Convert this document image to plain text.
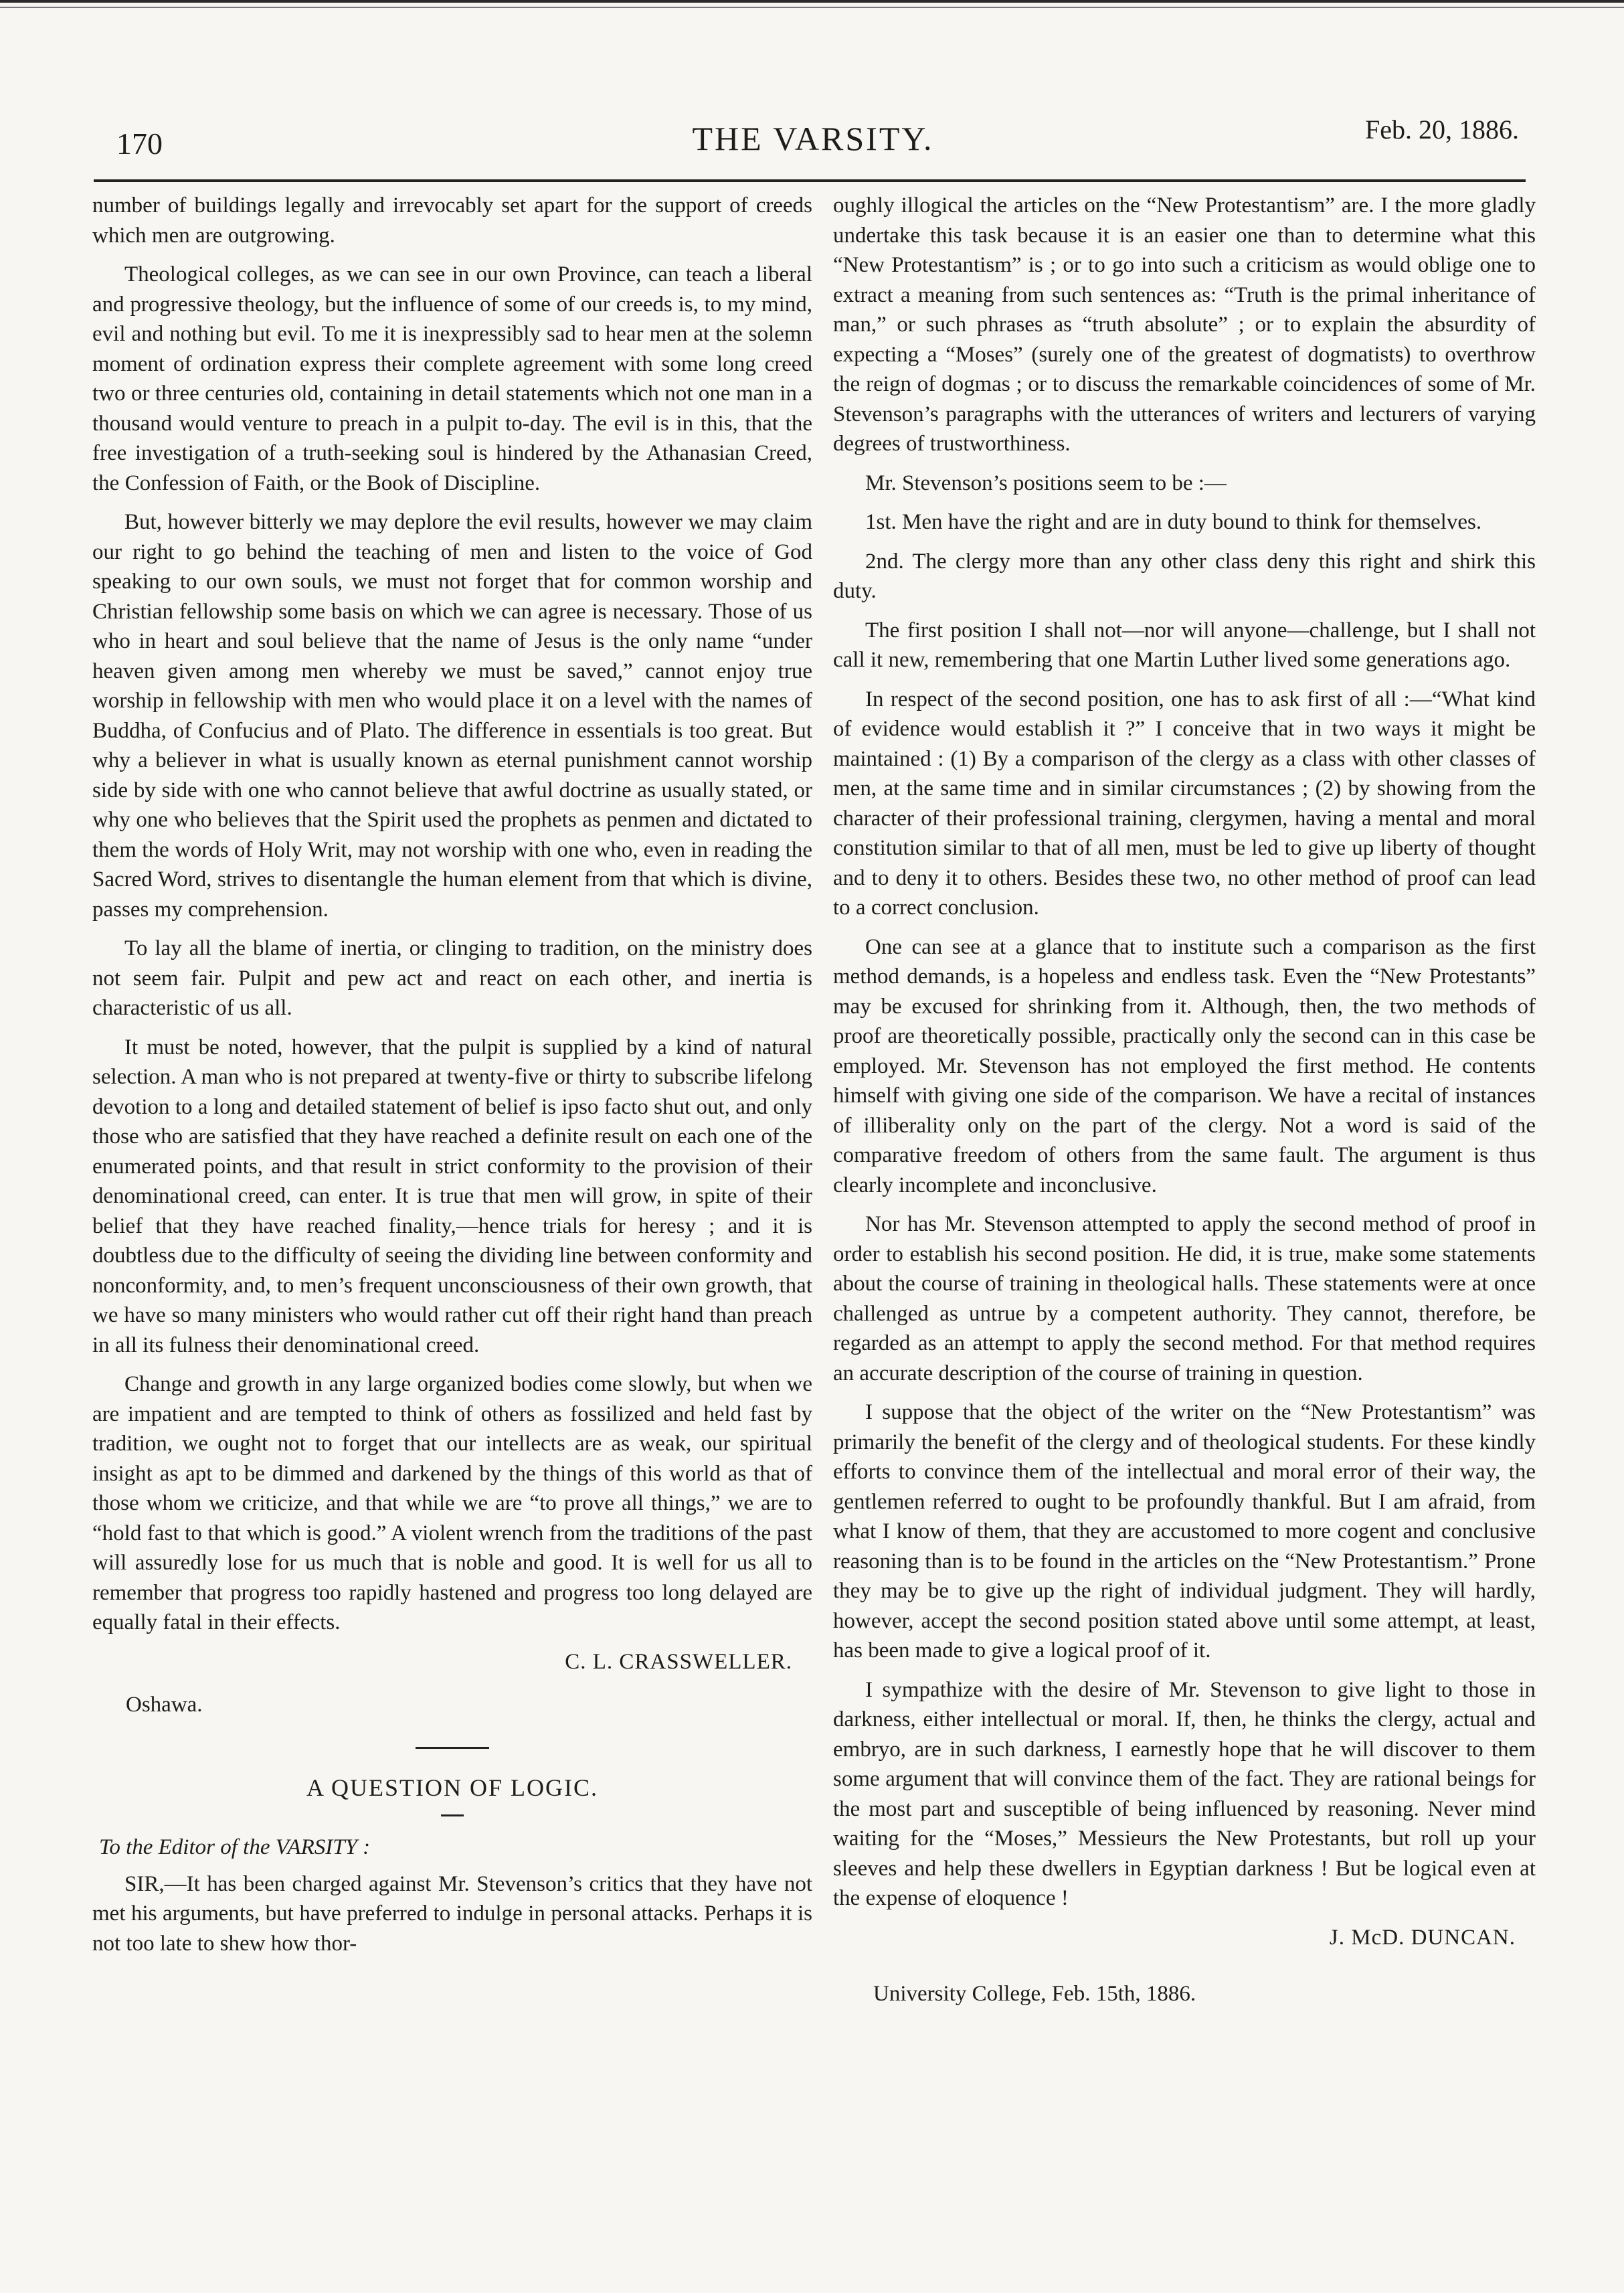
170	THE VARSITY.	Feb. 20, 1886.

number of buildings legally and irrevocably set apart for the support of creeds which men are outgrowing.

Theological colleges, as we can see in our own Province, can teach a liberal and progressive theology, but the influence of some of our creeds is, to my mind, evil and nothing but evil. To me it is inexpressibly sad to hear men at the solemn moment of ordination express their complete agreement with some long creed two or three centuries old, containing in detail statements which not one man in a thousand would venture to preach in a pulpit to-day. The evil is in this, that the free investigation of a truth-seeking soul is hindered by the Athanasian Creed, the Confession of Faith, or the Book of Discipline.

But, however bitterly we may deplore the evil results, however we may claim our right to go behind the teaching of men and listen to the voice of God speaking to our own souls, we must not forget that for common worship and Christian fellowship some basis on which we can agree is necessary. Those of us who in heart and soul believe that the name of Jesus is the only name “under heaven given among men whereby we must be saved,” cannot enjoy true worship in fellowship with men who would place it on a level with the names of Buddha, of Confucius and of Plato. The difference in essentials is too great. But why a believer in what is usually known as eternal punishment cannot worship side by side with one who cannot believe that awful doctrine as usually stated, or why one who believes that the Spirit used the prophets as penmen and dictated to them the words of Holy Writ, may not worship with one who, even in reading the Sacred Word, strives to disentangle the human element from that which is divine, passes my comprehension.

To lay all the blame of inertia, or clinging to tradition, on the ministry does not seem fair. Pulpit and pew act and react on each other, and inertia is characteristic of us all.

It must be noted, however, that the pulpit is supplied by a kind of natural selection. A man who is not prepared at twenty-five or thirty to subscribe lifelong devotion to a long and detailed statement of belief is ipso facto shut out, and only those who are satisfied that they have reached a definite result on each one of the enumerated points, and that result in strict conformity to the provision of their denominational creed, can enter. It is true that men will grow, in spite of their belief that they have reached finality,—hence trials for heresy ; and it is doubtless due to the difficulty of seeing the dividing line between conformity and nonconformity, and, to men’s frequent unconsciousness of their own growth, that we have so many ministers who would rather cut off their right hand than preach in all its fulness their denominational creed.

Change and growth in any large organized bodies come slowly, but when we are impatient and are tempted to think of others as fossilized and held fast by tradition, we ought not to forget that our intellects are as weak, our spiritual insight as apt to be dimmed and darkened by the things of this world as that of those whom we criticize, and that while we are “to prove all things,” we are to “hold fast to that which is good.” A violent wrench from the traditions of the past will assuredly lose for us much that is noble and good. It is well for us all to remember that progress too rapidly hastened and progress too long delayed are equally fatal in their effects.

C. L. CRASSWELLER.
Oshawa.
A QUESTION OF LOGIC.
To the Editor of the VARSITY :

SIR,—It has been charged against Mr. Stevenson’s critics that they have not met his arguments, but have preferred to indulge in personal attacks. Perhaps it is not too late to shew how thor-

oughly illogical the articles on the “New Protestantism” are. I the more gladly undertake this task because it is an easier one than to determine what this “New Protestantism” is ; or to go into such a criticism as would oblige one to extract a meaning from such sentences as: “Truth is the primal inheritance of man,” or such phrases as “truth absolute” ; or to explain the absurdity of expecting a “Moses” (surely one of the greatest of dogmatists) to overthrow the reign of dogmas ; or to discuss the remarkable coincidences of some of Mr. Stevenson’s paragraphs with the utterances of writers and lecturers of varying degrees of trustworthiness.

Mr. Stevenson’s positions seem to be :—

1st. Men have the right and are in duty bound to think for themselves.

2nd. The clergy more than any other class deny this right and shirk this duty.

The first position I shall not—nor will anyone—challenge, but I shall not call it new, remembering that one Martin Luther lived some generations ago.

In respect of the second position, one has to ask first of all :—“What kind of evidence would establish it ?” I conceive that in two ways it might be maintained : (1) By a comparison of the clergy as a class with other classes of men, at the same time and in similar circumstances ; (2) by showing from the character of their professional training, clergymen, having a mental and moral constitution similar to that of all men, must be led to give up liberty of thought and to deny it to others. Besides these two, no other method of proof can lead to a correct conclusion.

One can see at a glance that to institute such a comparison as the first method demands, is a hopeless and endless task. Even the “New Protestants” may be excused for shrinking from it. Although, then, the two methods of proof are theoretically possible, practically only the second can in this case be employed. Mr. Stevenson has not employed the first method. He contents himself with giving one side of the comparison. We have a recital of instances of illiberality only on the part of the clergy. Not a word is said of the comparative freedom of others from the same fault. The argument is thus clearly incomplete and inconclusive.

Nor has Mr. Stevenson attempted to apply the second method of proof in order to establish his second position. He did, it is true, make some statements about the course of training in theological halls. These statements were at once challenged as untrue by a competent authority. They cannot, therefore, be regarded as an attempt to apply the second method. For that method requires an accurate description of the course of training in question.

I suppose that the object of the writer on the “New Protestantism” was primarily the benefit of the clergy and of theological students. For these kindly efforts to convince them of the intellectual and moral error of their way, the gentlemen referred to ought to be profoundly thankful. But I am afraid, from what I know of them, that they are accustomed to more cogent and conclusive reasoning than is to be found in the articles on the “New Protestantism.” Prone they may be to give up the right of individual judgment. They will hardly, however, accept the second position stated above until some attempt, at least, has been made to give a logical proof of it.

I sympathize with the desire of Mr. Stevenson to give light to those in darkness, either intellectual or moral. If, then, he thinks the clergy, actual and embryo, are in such darkness, I earnestly hope that he will discover to them some argument that will convince them of the fact. They are rational beings for the most part and susceptible of being influenced by reasoning. Never mind waiting for the “Moses,” Messieurs the New Protestants, but roll up your sleeves and help these dwellers in Egyptian darkness ! But be logical even at the expense of eloquence !

J. McD. DUNCAN.
University College, Feb. 15th, 1886.
